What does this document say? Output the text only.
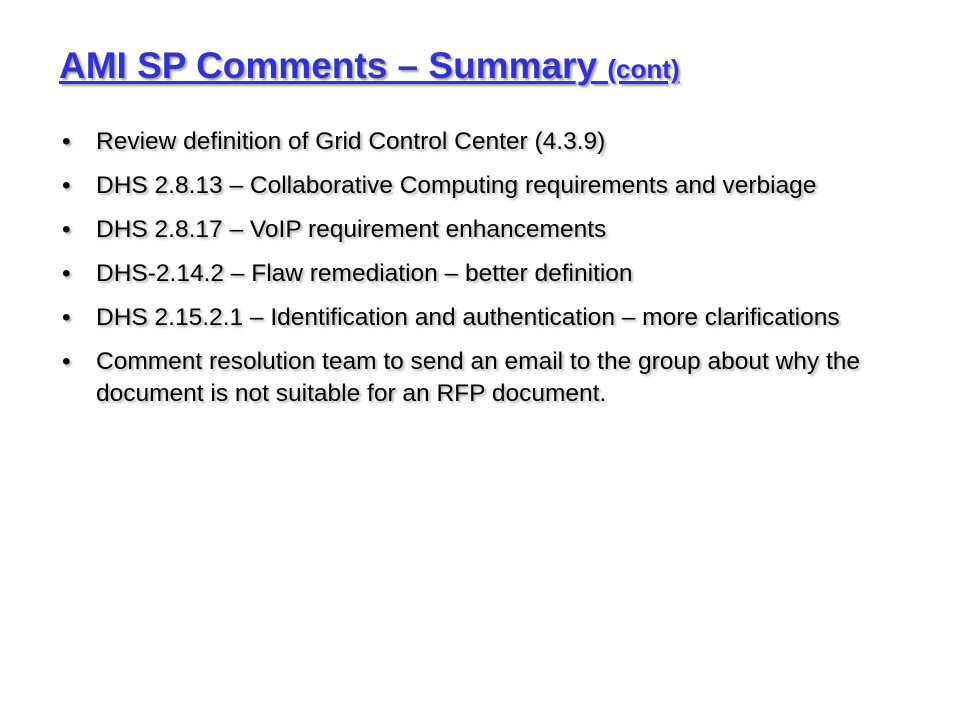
AMI SP Comments – Summary (cont)
•	Review definition of Grid Control Center (4.3.9)
•	DHS 2.8.13 – Collaborative Computing requirements and verbiage
•	DHS 2.8.17 – VoIP requirement enhancements
•	DHS-2.14.2 – Flaw remediation – better definition
•	DHS 2.15.2.1 – Identification and authentication – more clarifications
•	Comment resolution team to send an email to the group about why the document is not suitable for an RFP document.
